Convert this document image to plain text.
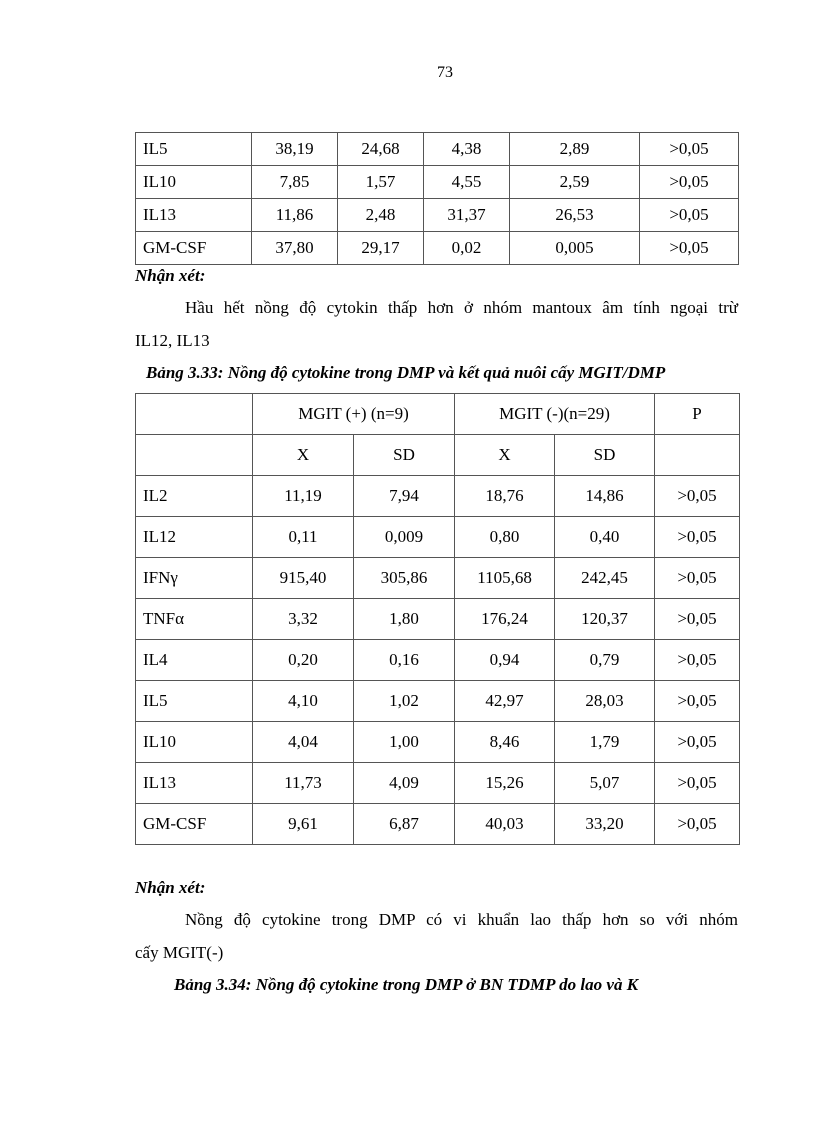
73
IL5	38,19	24,68	4,38	2,89	>0,05
IL10	7,85	1,57	4,55	2,59	>0,05
IL13	11,86	2,48	31,37	26,53	>0,05
GM-CSF	37,80	29,17	0,02	0,005	>0,05
Nhận xét:
Hầu hết nồng độ cytokin thấp hơn ở nhóm mantoux âm tính ngoại trừ
IL12, IL13
Bảng 3.33: Nồng độ cytokine trong DMP và kết quả nuôi cấy MGIT/DMP
	MGIT (+) (n=9)		MGIT (-)(n=29)		P
	X	SD	X	SD	
IL2	11,19	7,94	18,76	14,86	>0,05
IL12	0,11	0,009	0,80	0,40	>0,05
IFNγ	915,40	305,86	1105,68	242,45	>0,05
TNFα	3,32	1,80	176,24	120,37	>0,05
IL4	0,20	0,16	0,94	0,79	>0,05
IL5	4,10	1,02	42,97	28,03	>0,05
IL10	4,04	1,00	8,46	1,79	>0,05
IL13	11,73	4,09	15,26	5,07	>0,05
GM-CSF	9,61	6,87	40,03	33,20	>0,05
Nhận xét:
Nồng độ cytokine trong DMP có vi khuẩn lao thấp hơn so với nhóm
cấy MGIT(-)
Bảng 3.34: Nồng độ cytokine trong DMP ở BN TDMP do lao và K
